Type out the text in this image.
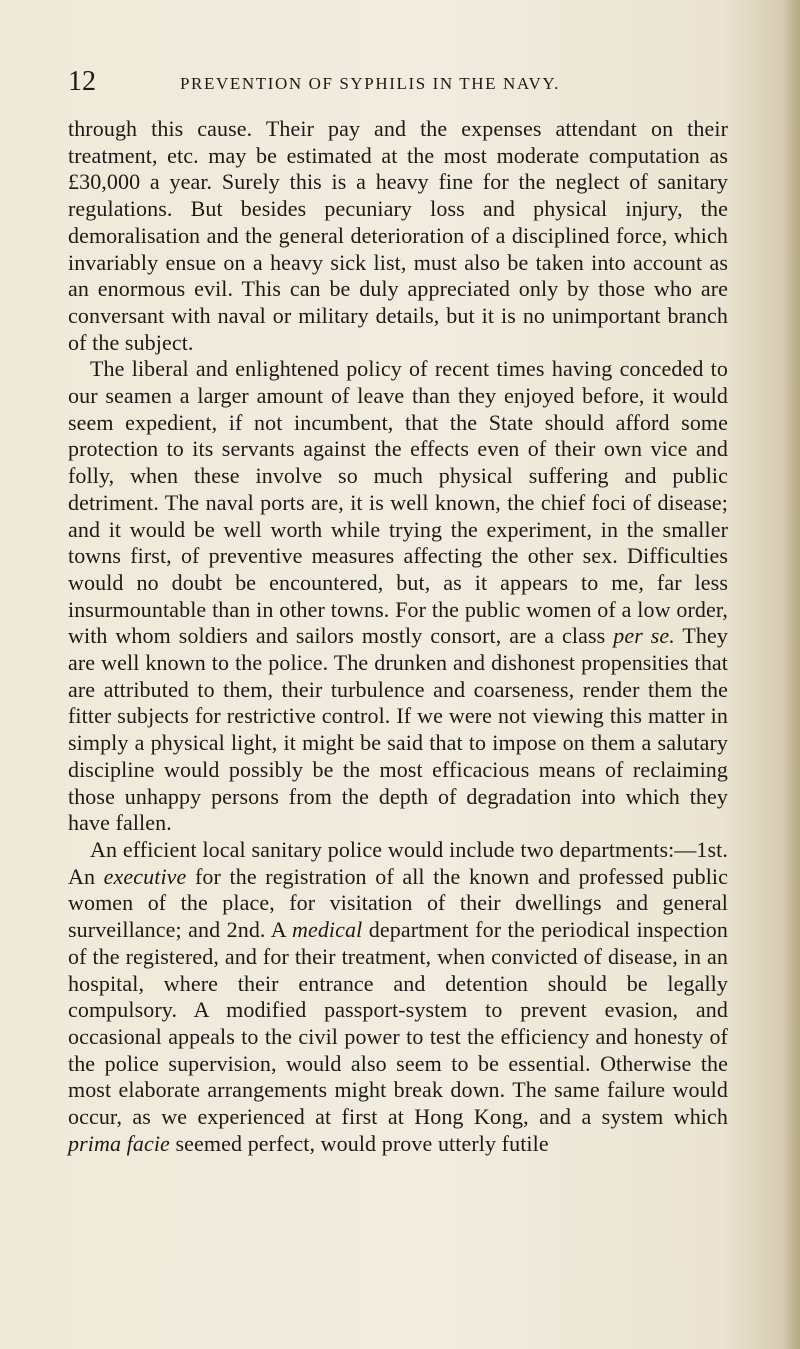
12	PREVENTION OF SYPHILIS IN THE NAVY.

through this cause. Their pay and the expenses attendant on their treatment, etc. may be estimated at the most moderate computation as £30,000 a year. Surely this is a heavy fine for the neglect of sanitary regulations. But besides pecuniary loss and physical injury, the demoralisation and the general deterioration of a disciplined force, which invariably ensue on a heavy sick list, must also be taken into account as an enormous evil. This can be duly appreciated only by those who are conversant with naval or military details, but it is no unimportant branch of the subject.

The liberal and enlightened policy of recent times having conceded to our seamen a larger amount of leave than they enjoyed before, it would seem expedient, if not incumbent, that the State should afford some protection to its servants against the effects even of their own vice and folly, when these involve so much physical suffering and public detriment. The naval ports are, it is well known, the chief foci of disease; and it would be well worth while trying the experiment, in the smaller towns first, of preventive measures affecting the other sex. Difficulties would no doubt be encountered, but, as it appears to me, far less insurmountable than in other towns. For the public women of a low order, with whom soldiers and sailors mostly consort, are a class per se. They are well known to the police. The drunken and dishonest propensities that are attributed to them, their turbulence and coarseness, render them the fitter subjects for restrictive control. If we were not viewing this matter in simply a physical light, it might be said that to impose on them a salutary discipline would possibly be the most efficacious means of reclaiming those unhappy persons from the depth of degradation into which they have fallen.

An efficient local sanitary police would include two departments:—1st. An executive for the registration of all the known and professed public women of the place, for visitation of their dwellings and general surveillance; and 2nd. A medical department for the periodical inspection of the registered, and for their treatment, when convicted of disease, in an hospital, where their entrance and detention should be legally compulsory. A modified passport-system to prevent evasion, and occasional appeals to the civil power to test the efficiency and honesty of the police supervision, would also seem to be essential. Otherwise the most elaborate arrangements might break down. The same failure would occur, as we experienced at first at Hong Kong, and a system which prima facie seemed perfect, would prove utterly futile
